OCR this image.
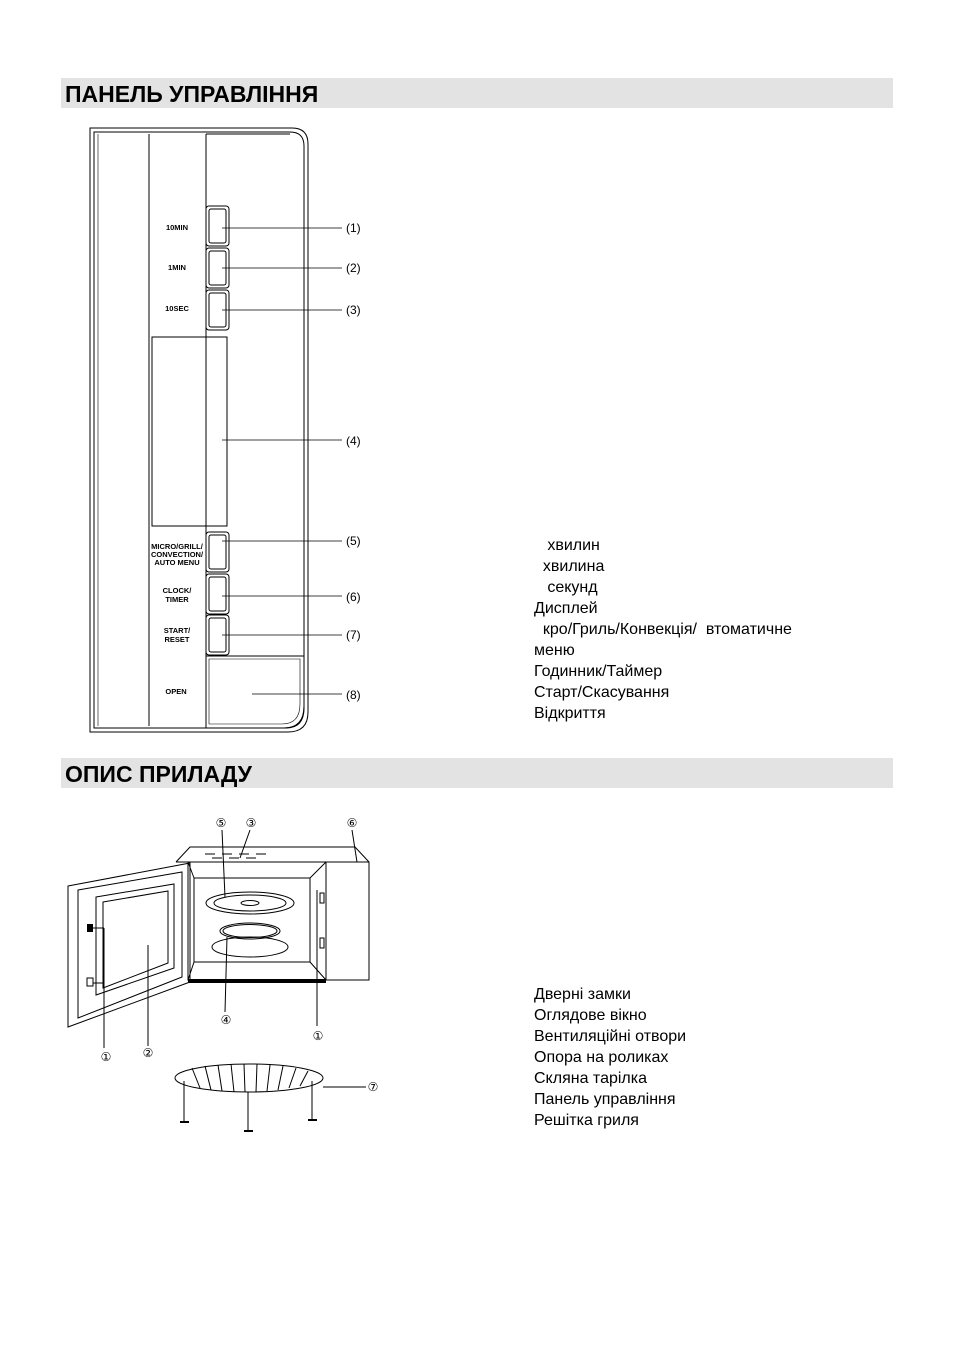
ПАНЕЛЬ УПРАВЛІННЯ
10MIN
1MIN
10SEC
MICRO/GRILL/
CONVECTION/
AUTO MENU
CLOCK/
TIMER
START/
RESET
OPEN
(1)
(2)
(3)
(4)
(5)
(6)
(7)
(8)
хвилин
хвилина
секунд
Дисплей
кро/Гриль/Конвекція/  втоматичне
меню
Годинник/Таймер
Старт/Скасування
Відкриття
ОПИС ПРИЛАДУ
⑤ ③	⑥
④
①
①	②
⑦
Дверні замки
Оглядове вікно
Вентиляційні отвори
Опора на роликах
Скляна тарілка
Панель управління
Решітка гриля
